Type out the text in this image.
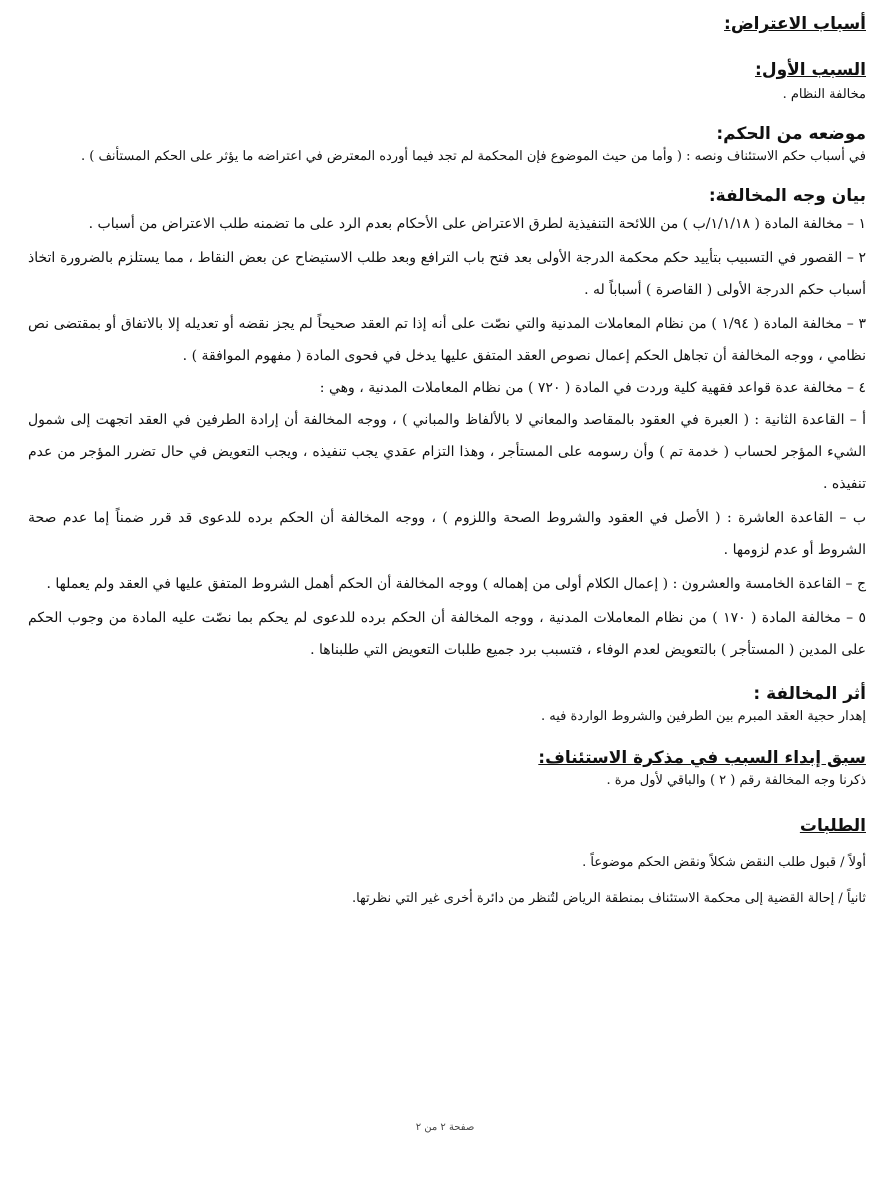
أسباب الاعتراض:
السبب الأول:

مخالفة النظام .

موضعه من الحكم:

في أسباب حكم الاستئناف ونصه : ( وأما من حيث الموضوع فإن المحكمة لم تجد فيما أورده المعترض في اعتراضه ما يؤثر على الحكم المستأنف ) .

بيان وجه المخالفة:

١ – مخالفة المادة ( ١/١/١٨/ب ) من اللائحة التنفيذية لطرق الاعتراض على الأحكام بعدم الرد على ما تضمنه طلب الاعتراض من أسباب .

٢ – القصور في التسبيب بتأييد حكم محكمة الدرجة الأولى بعد فتح باب الترافع وبعد طلب الاستيضاح عن بعض النقاط ، مما يستلزم بالضرورة اتخاذ أسباب حكم الدرجة الأولى ( القاصرة ) أسباباً له .

٣ – مخالفة المادة ( ١/٩٤ ) من نظام المعاملات المدنية والتي نصّت على أنه إذا تم العقد صحيحاً لم يجز نقضه أو تعديله إلا بالاتفاق أو بمقتضى نص نظامي ، ووجه المخالفة أن تجاهل الحكم إعمال نصوص العقد المتفق عليها يدخل في فحوى المادة ( مفهوم الموافقة ) .

٤ – مخالفة عدة قواعد فقهية كلية وردت في المادة ( ٧٢٠ ) من نظام المعاملات المدنية ، وهي :

أ – القاعدة الثانية : ( العبرة في العقود بالمقاصد والمعاني لا بالألفاظ والمباني ) ، ووجه المخالفة أن إرادة الطرفين في العقد اتجهت إلى شمول الشيء المؤجر لحساب ( خدمة تم ) وأن رسومه على المستأجر ، وهذا التزام عقدي يجب تنفيذه ، ويجب التعويض في حال تضرر المؤجر من عدم تنفيذه .

ب – القاعدة العاشرة : ( الأصل في العقود والشروط الصحة واللزوم ) ، ووجه المخالفة أن الحكم برده للدعوى قد قرر ضمناً إما عدم صحة الشروط أو عدم لزومها .

ج – القاعدة الخامسة والعشرون : ( إعمال الكلام أولى من إهماله ) ووجه المخالفة أن الحكم أهمل الشروط المتفق عليها في العقد ولم يعملها .

٥ – مخالفة المادة ( ١٧٠ ) من نظام المعاملات المدنية ، ووجه المخالفة أن الحكم برده للدعوى لم يحكم بما نصّت عليه المادة من وجوب الحكم على المدين ( المستأجر ) بالتعويض لعدم الوفاء ، فتسبب برد جميع طلبات التعويض التي طلبناها .

أثر المخالفة :

إهدار حجية العقد المبرم بين الطرفين والشروط الواردة فيه .

سبق إبداء السبب في مذكرة الاستئناف:

ذكرنا وجه المخالفة رقم ( ٢ ) والباقي لأول مرة .

الطلبات

أولاً / قبول طلب النقض شكلاً ونقض الحكم موضوعاً .

ثانياً / إحالة القضية إلى محكمة الاستئناف بمنطقة الرياض لتُنظر من دائرة أخرى غير التي نظرتها.

صفحة ٢ من ٢
